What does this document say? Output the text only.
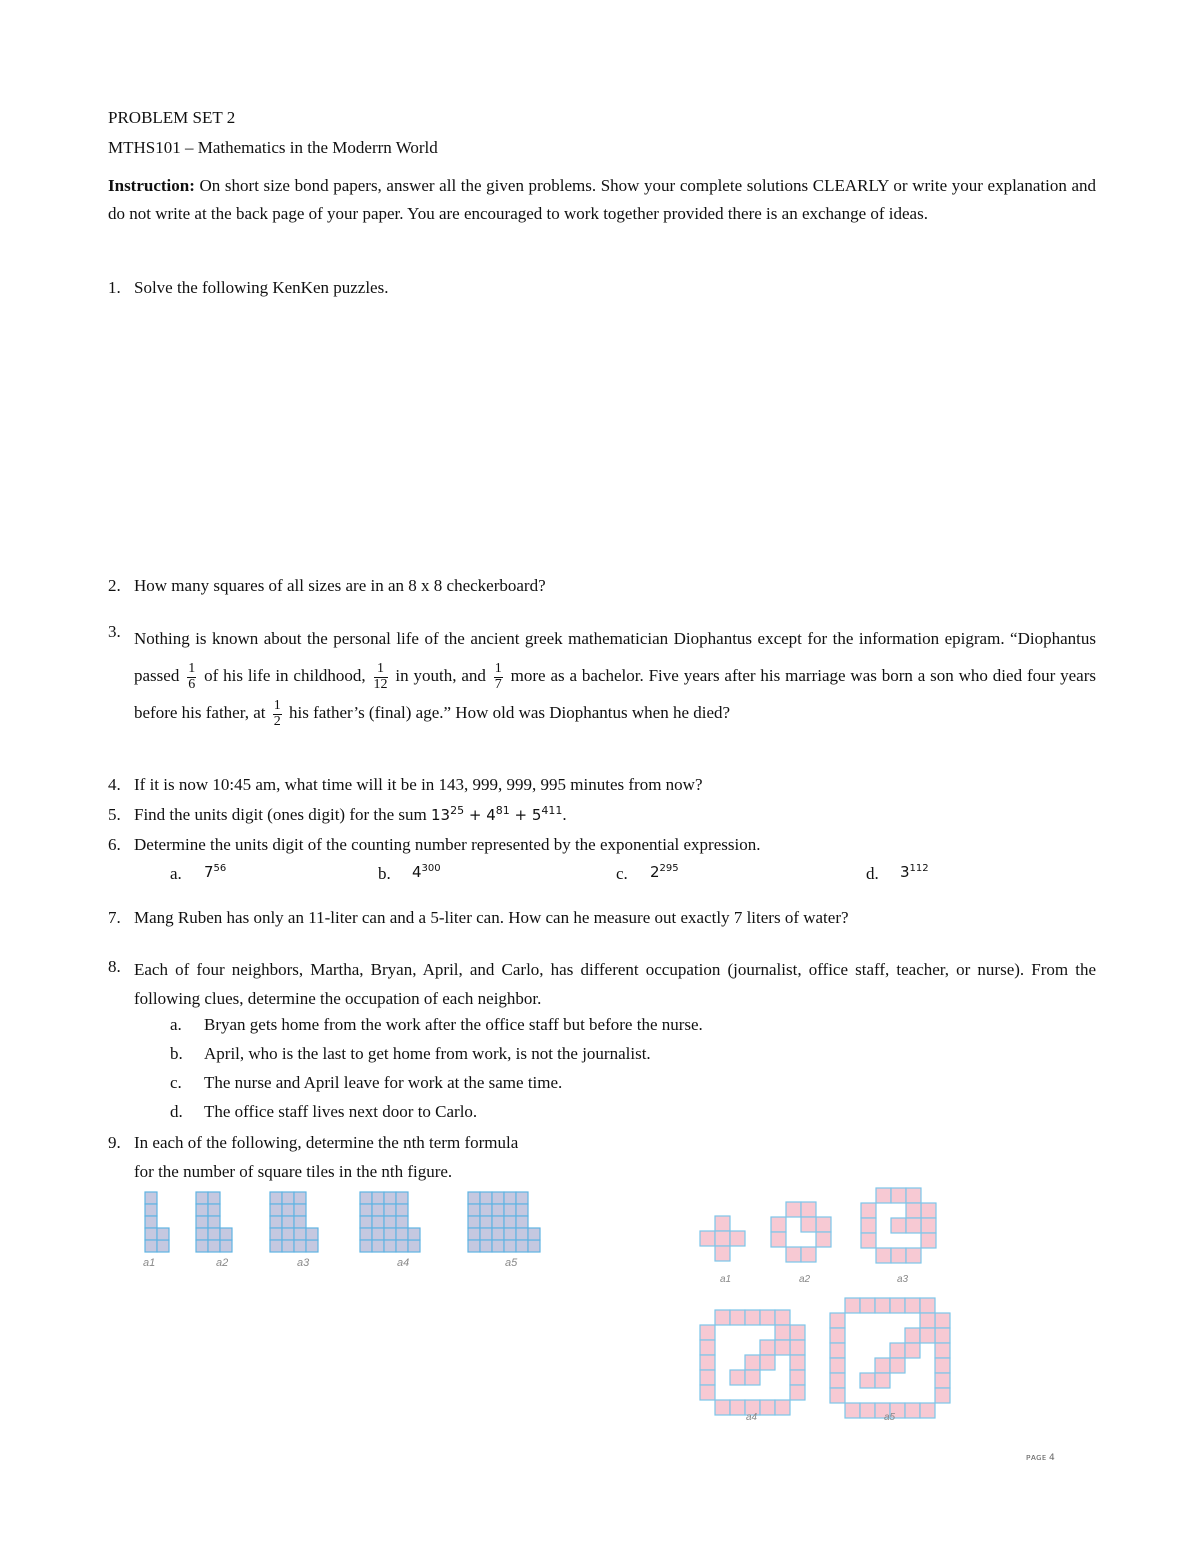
PROBLEM SET 2
MTHS101 – Mathematics in the Moderrn World
Instruction: On short size bond papers, answer all the given problems. Show your complete solutions CLEARLY or write your explanation and do not write at the back page of your paper. You are encouraged to work together provided there is an exchange of ideas.
1. Solve the following KenKen puzzles.
2. How many squares of all sizes are in an 8 x 8 checkerboard?
3. Nothing is known about the personal life of the ancient greek mathematician Diophantus except for the information epigram. “Diophantus passed $\frac{1}{6}$ of his life in childhood, $\frac{1}{12}$ in youth, and $\frac{1}{7}$ more as a bachelor. Five years after his marriage was born a son who died four years before his father, at $\frac{1}{2}$ his father’s (final) age.” How old was Diophantus when he died?
4. If it is now 10:45 am, what time will it be in 143, 999, 999, 995 minutes from now?
5. Find the units digit (ones digit) for the sum $13^{25} + 4^{81} + 5^{411}$.
6. Determine the units digit of the counting number represented by the exponential expression.
a. $7^{56}$	b. $4^{300}$	c. $2^{295}$	d. $3^{112}$
7. Mang Ruben has only an 11-liter can and a 5-liter can. How can he measure out exactly 7 liters of water?
8. Each of four neighbors, Martha, Bryan, April, and Carlo, has different occupation (journalist, office staff, teacher, or nurse). From the following clues, determine the occupation of each neighbor.
a. Bryan gets home from the work after the office staff but before the nurse.
b. April, who is the last to get home from work, is not the journalist.
c. The nurse and April leave for work at the same time.
d. The office staff lives next door to Carlo.
9. In each of the following, determine the nth term formula
for the number of square tiles in the nth figure.
a1	a2	a3	a4	a5
a1	a2	a3
a4	a5
ᴘᴀɢᴇ 4
